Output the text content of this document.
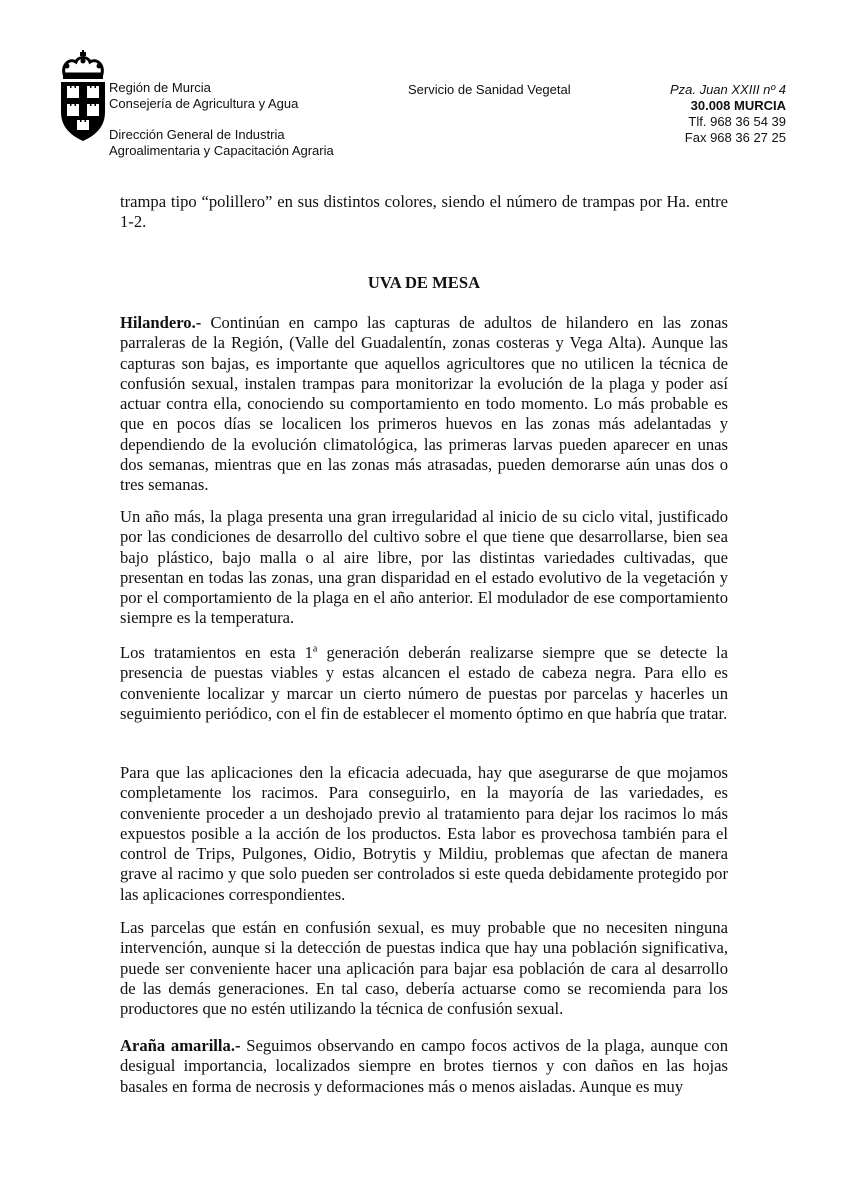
Región de Murcia
Consejería de Agricultura y Agua
Dirección General de Industria
Agroalimentaria y Capacitación Agraria
Servicio de Sanidad Vegetal	Pza. Juan XXIII nº 4
30.008 MURCIA
Tlf. 968 36 54 39
Fax 968 36 27 25

trampa tipo “polillero” en sus distintos colores, siendo el número de trampas por Ha. entre 1-2.

UVA DE MESA

Hilandero.- Continúan en campo las capturas de adultos de hilandero en las zonas parraleras de la Región, (Valle del Guadalentín, zonas costeras y Vega Alta). Aunque las capturas son bajas, es importante que aquellos agricultores que no utilicen la técnica de confusión sexual, instalen trampas para monitorizar la evolución de la plaga y poder así actuar contra ella, conociendo su comportamiento en todo momento. Lo más probable es que en pocos días se localicen los primeros huevos en las zonas más adelantadas y dependiendo de la evolución climatológica, las primeras larvas pueden aparecer en unas dos semanas, mientras que en las zonas más atrasadas, pueden demorarse aún unas dos o tres semanas.

Un año más, la plaga presenta una gran irregularidad al inicio de su ciclo vital, justificado por las condiciones de desarrollo del cultivo sobre el que tiene que desarrollarse, bien sea bajo plástico, bajo malla o al aire libre, por las distintas variedades cultivadas, que presentan en todas las zonas, una gran disparidad en el estado evolutivo de la vegetación y por el comportamiento de la plaga en el año anterior. El modulador de ese comportamiento siempre es la temperatura.

Los tratamientos en esta 1$^a$ generación deberán realizarse siempre que se detecte la presencia de puestas viables y estas alcancen el estado de cabeza negra. Para ello es conveniente localizar y marcar un cierto número de puestas por parcelas y hacerles un seguimiento periódico, con el fin de establecer el momento óptimo en que habría que tratar.

Para que las aplicaciones den la eficacia adecuada, hay que asegurarse de que mojamos completamente los racimos. Para conseguirlo, en la mayoría de las variedades, es conveniente proceder a un deshojado previo al tratamiento para dejar los racimos lo más expuestos posible a la acción de los productos. Esta labor es provechosa también para el control de Trips, Pulgones, Oidio, Botrytis y Mildiu, problemas que afectan de manera grave al racimo y que solo pueden ser controlados si este queda debidamente protegido por las aplicaciones correspondientes.

Las parcelas que están en confusión sexual, es muy probable que no necesiten ninguna intervención, aunque si la detección de puestas indica que hay una población significativa, puede ser conveniente hacer una aplicación para bajar esa población de cara al desarrollo de las demás generaciones. En tal caso, debería actuarse como se recomienda para los productores que no estén utilizando la técnica de confusión sexual.

Araña amarilla.- Seguimos observando en campo focos activos de la plaga, aunque con desigual importancia, localizados siempre en brotes tiernos y con daños en las hojas basales en forma de necrosis y deformaciones más o menos aisladas. Aunque es muy
